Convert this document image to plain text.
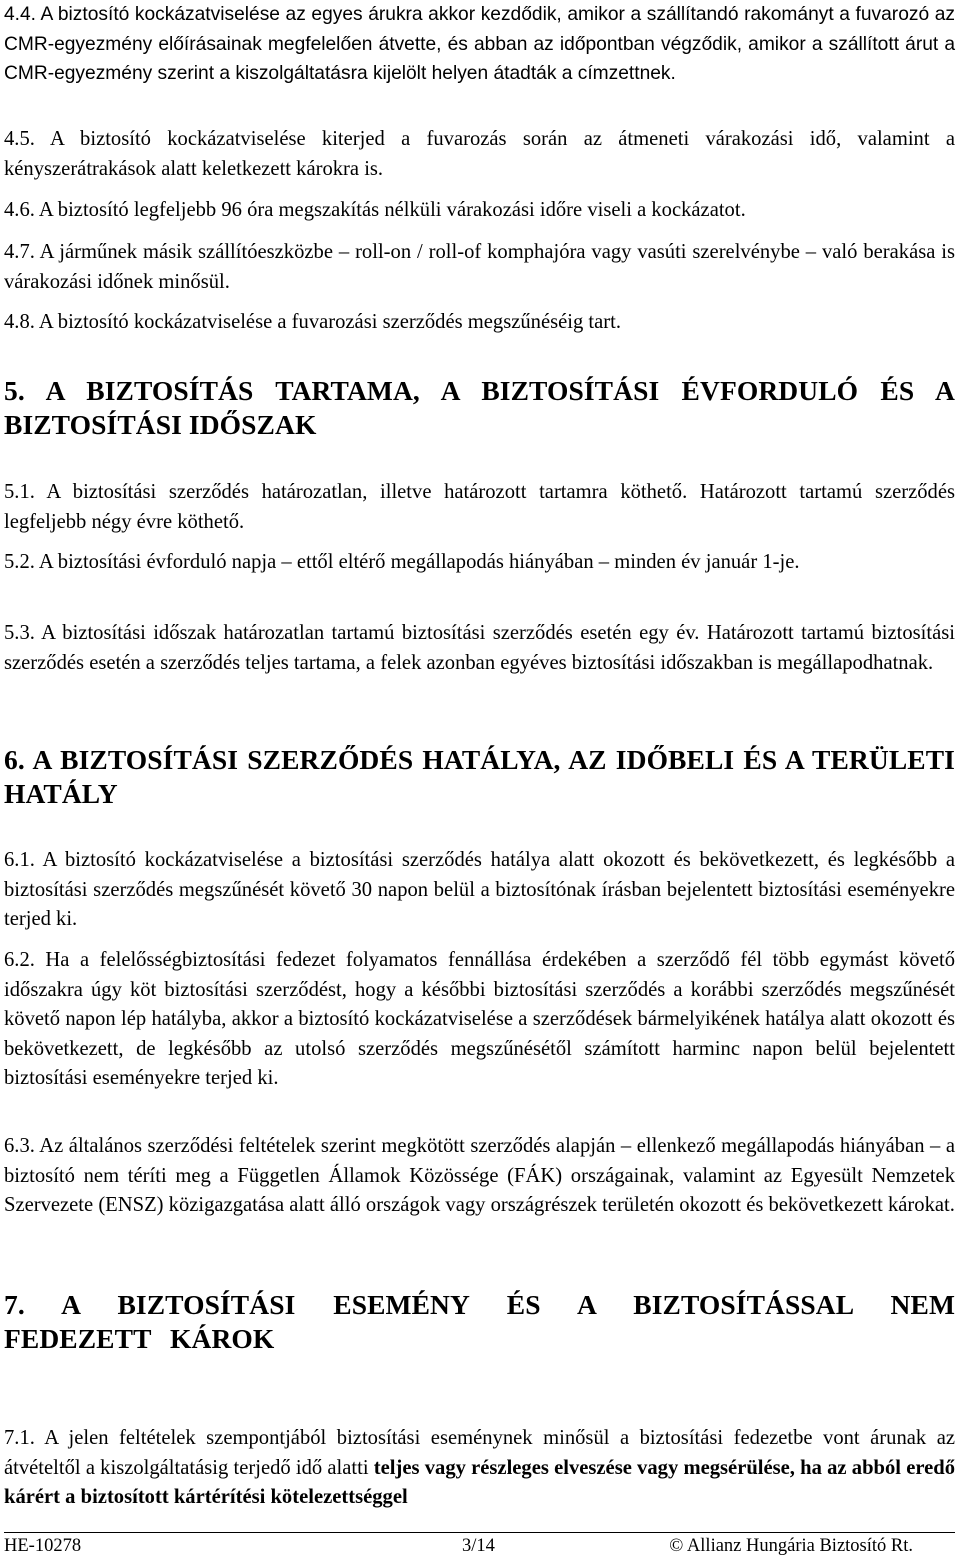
4.4. A biztosító kockázatviselése az egyes árukra akkor kezdődik, amikor a szállítandó rakományt a fuvarozó az CMR-egyezmény előírásainak megfelelően átvette, és abban az időpontban végződik, amikor a szállított árut a CMR-egyezmény szerint a kiszolgáltatásra kijelölt helyen átadták a címzettnek.

4.5. A biztosító kockázatviselése kiterjed a fuvarozás során az átmeneti várakozási idő, valamint a kényszerátrakások alatt keletkezett károkra is.

4.6. A biztosító legfeljebb 96 óra megszakítás nélküli várakozási időre viseli a kockázatot.

4.7. A járműnek másik szállítóeszközbe – roll-on / roll-of komphajóra vagy vasúti szerelvénybe – való berakása is várakozási időnek minősül.

4.8. A biztosító kockázatviselése a fuvarozási szerződés megszűnéséig tart.

5. A BIZTOSÍTÁS TARTAMA, A BIZTOSÍTÁSI ÉVFORDULÓ ÉS A BIZTOSÍTÁSI IDŐSZAK

5.1. A biztosítási szerződés határozatlan, illetve határozott tartamra köthető. Határozott tartamú szerződés legfeljebb négy évre köthető.

5.2. A biztosítási évforduló napja – ettől eltérő megállapodás hiányában – minden év január 1-je.

5.3. A biztosítási időszak határozatlan tartamú biztosítási szerződés esetén egy év. Határozott tartamú biztosítási szerződés esetén a szerződés teljes tartama, a felek azonban egyéves biztosítási időszakban is megállapodhatnak.

6. A BIZTOSÍTÁSI SZERZŐDÉS HATÁLYA, AZ IDŐBELI ÉS A TERÜLETI HATÁLY

6.1. A biztosító kockázatviselése a biztosítási szerződés hatálya alatt okozott és bekövetkezett, és legkésőbb a biztosítási szerződés megszűnését követő 30 napon belül a biztosítónak írásban bejelentett biztosítási eseményekre terjed ki.

6.2. Ha a felelősségbiztosítási fedezet folyamatos fennállása érdekében a szerződő fél több egymást követő időszakra úgy köt biztosítási szerződést, hogy a későbbi biztosítási szerződés a korábbi szerződés megszűnését követő napon lép hatályba, akkor a biztosító kockázatviselése a szerződések bármelyikének hatálya alatt okozott és bekövetkezett, de legkésőbb az utolsó szerződés megszűnésétől számított harminc napon belül bejelentett biztosítási eseményekre terjed ki.

6.3. Az általános szerződési feltételek szerint megkötött szerződés alapján – ellenkező megállapodás hiányában – a biztosító nem téríti meg a Független Államok Közössége (FÁK) országainak, valamint az Egyesült Nemzetek Szervezete (ENSZ) közigazgatása alatt álló országok vagy országrészek területén okozott és bekövetkezett károkat.

7. A BIZTOSÍTÁSI ESEMÉNY ÉS A BIZTOSÍTÁSSAL NEM FEDEZETT KÁROK

7.1. A jelen feltételek szempontjából biztosítási eseménynek minősül a biztosítási fedezetbe vont árunak az átvételtől a kiszolgáltatásig terjedő idő alatti teljes vagy részleges elveszése vagy megsérülése, ha az abból eredő kárért a biztosított kártérítési kötelezettséggel

HE-10278	3/14	© Allianz Hungária Biztosító Rt.
